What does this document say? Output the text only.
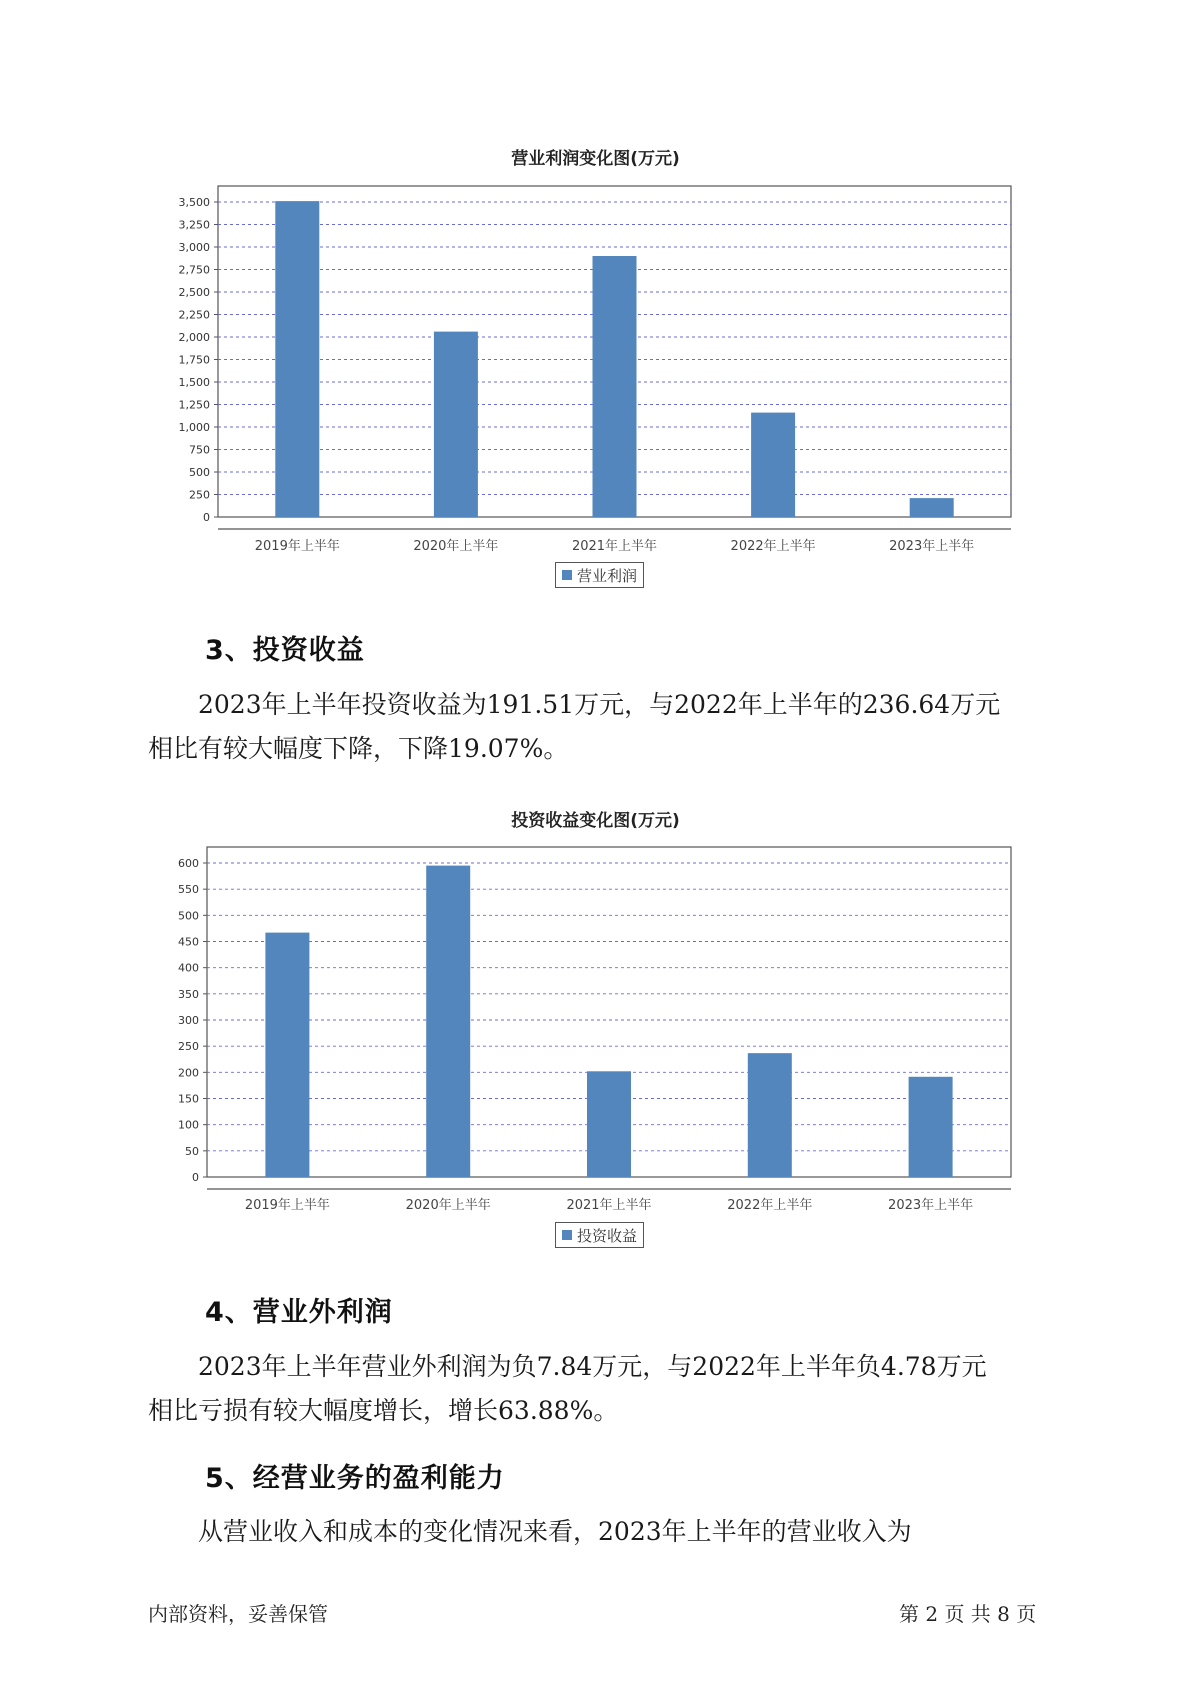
营业利润变化图(万元)
0
250
500
750
1,000
1,250
1,500
1,750
2,000
2,250
2,500
2,750
3,000
3,250
3,500
2019年上半年	2020年上半年	2021年上半年	2022年上半年	2023年上半年
营业利润
3、投资收益
2023年上半年投资收益为191.51万元，与2022年上半年的236.64万元
相比有较大幅度下降，下降19.07%。
投资收益变化图(万元)
0
50
100
150
200
250
300
350
400
450
500
550
600
2019年上半年	2020年上半年	2021年上半年	2022年上半年	2023年上半年
投资收益
4、营业外利润
2023年上半年营业外利润为负7.84万元，与2022年上半年负4.78万元
相比亏损有较大幅度增长，增长63.88%。
5、经营业务的盈利能力
从营业收入和成本的变化情况来看，2023年上半年的营业收入为
内部资料，妥善保管	第 2 页 共 8 页
